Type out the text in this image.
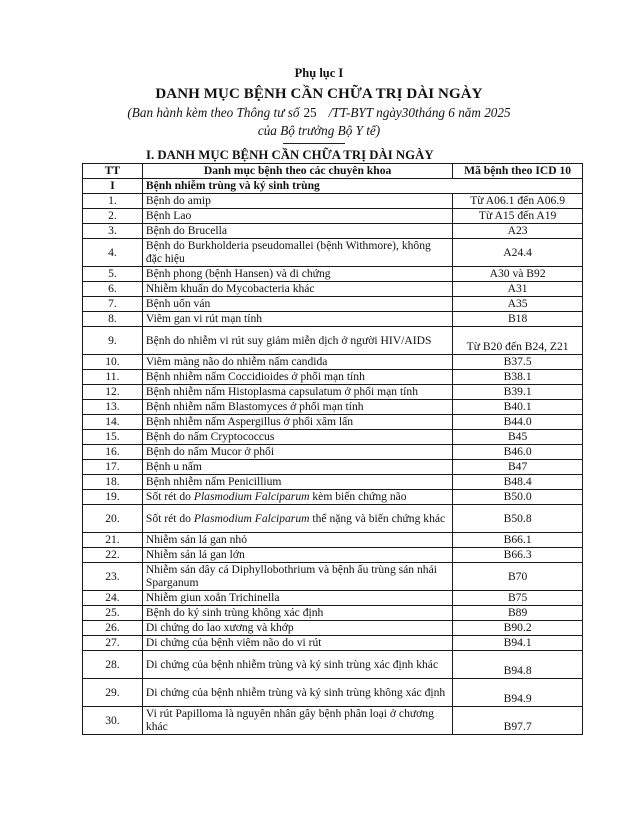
Phụ lục I
DANH MỤC BỆNH CẦN CHỮA TRỊ DÀI NGÀY
(Ban hành kèm theo Thông tư số 25 /TT-BYT ngày30tháng 6 năm 2025
của Bộ trưởng Bộ Y tế)
I. DANH MỤC BỆNH CẦN CHỮA TRỊ DÀI NGÀY
TT	Danh mục bệnh theo các chuyên khoa	Mã bệnh theo ICD 10
I	Bệnh nhiễm trùng và ký sinh trùng	
1.	Bệnh do amip	Từ A06.1 đến A06.9
2.	Bệnh Lao	Từ A15 đến A19
3.	Bệnh do Brucella	A23
4.	Bệnh do Burkholderia pseudomallei (bệnh Withmore), không đặc hiệu	A24.4
5.	Bệnh phong (bệnh Hansen) và di chứng	A30 và B92
6.	Nhiễm khuẩn do Mycobacteria khác	A31
7.	Bệnh uốn ván	A35
8.	Viêm gan vi rút mạn tính	B18
9.	Bệnh do nhiễm vi rút suy giảm miễn dịch ở người HIV/AIDS	Từ B20 đến B24, Z21
10.	Viêm màng não do nhiễm nấm candida	B37.5
11.	Bệnh nhiễm nấm Coccidioides ở phổi mạn tính	B38.1
12.	Bệnh nhiễm nấm Histoplasma capsulatum ở phổi mạn tính	B39.1
13.	Bệnh nhiễm nấm Blastomyces ở phổi mạn tính	B40.1
14.	Bệnh nhiễm nấm Aspergillus ở phổi xâm lấn	B44.0
15.	Bệnh do nấm Cryptococcus	B45
16.	Bệnh do nấm Mucor ở phổi	B46.0
17.	Bệnh u nấm	B47
18.	Bệnh nhiễm nấm Penicillium	B48.4
19.	Sốt rét do Plasmodium Falciparum kèm biến chứng não	B50.0
20.	Sốt rét do Plasmodium Falciparum thể nặng và biến chứng khác	B50.8
21.	Nhiễm sán lá gan nhỏ	B66.1
22.	Nhiễm sán lá gan lớn	B66.3
23.	Nhiễm sán dây cá Diphyllobothrium và bệnh ấu trùng sán nhái Sparganum	B70
24.	Nhiễm giun xoắn Trichinella	B75
25.	Bệnh do ký sinh trùng không xác định	B89
26.	Di chứng do lao xương và khớp	B90.2
27.	Di chứng của bệnh viêm não do vi rút	B94.1
28.	Di chứng của bệnh nhiễm trùng và ký sinh trùng xác định khác	B94.8
29.	Di chứng của bệnh nhiễm trùng và ký sinh trùng không xác định	B94.9
30.	Vi rút Papilloma là nguyên nhân gây bệnh phân loại ở chương khác	B97.7
